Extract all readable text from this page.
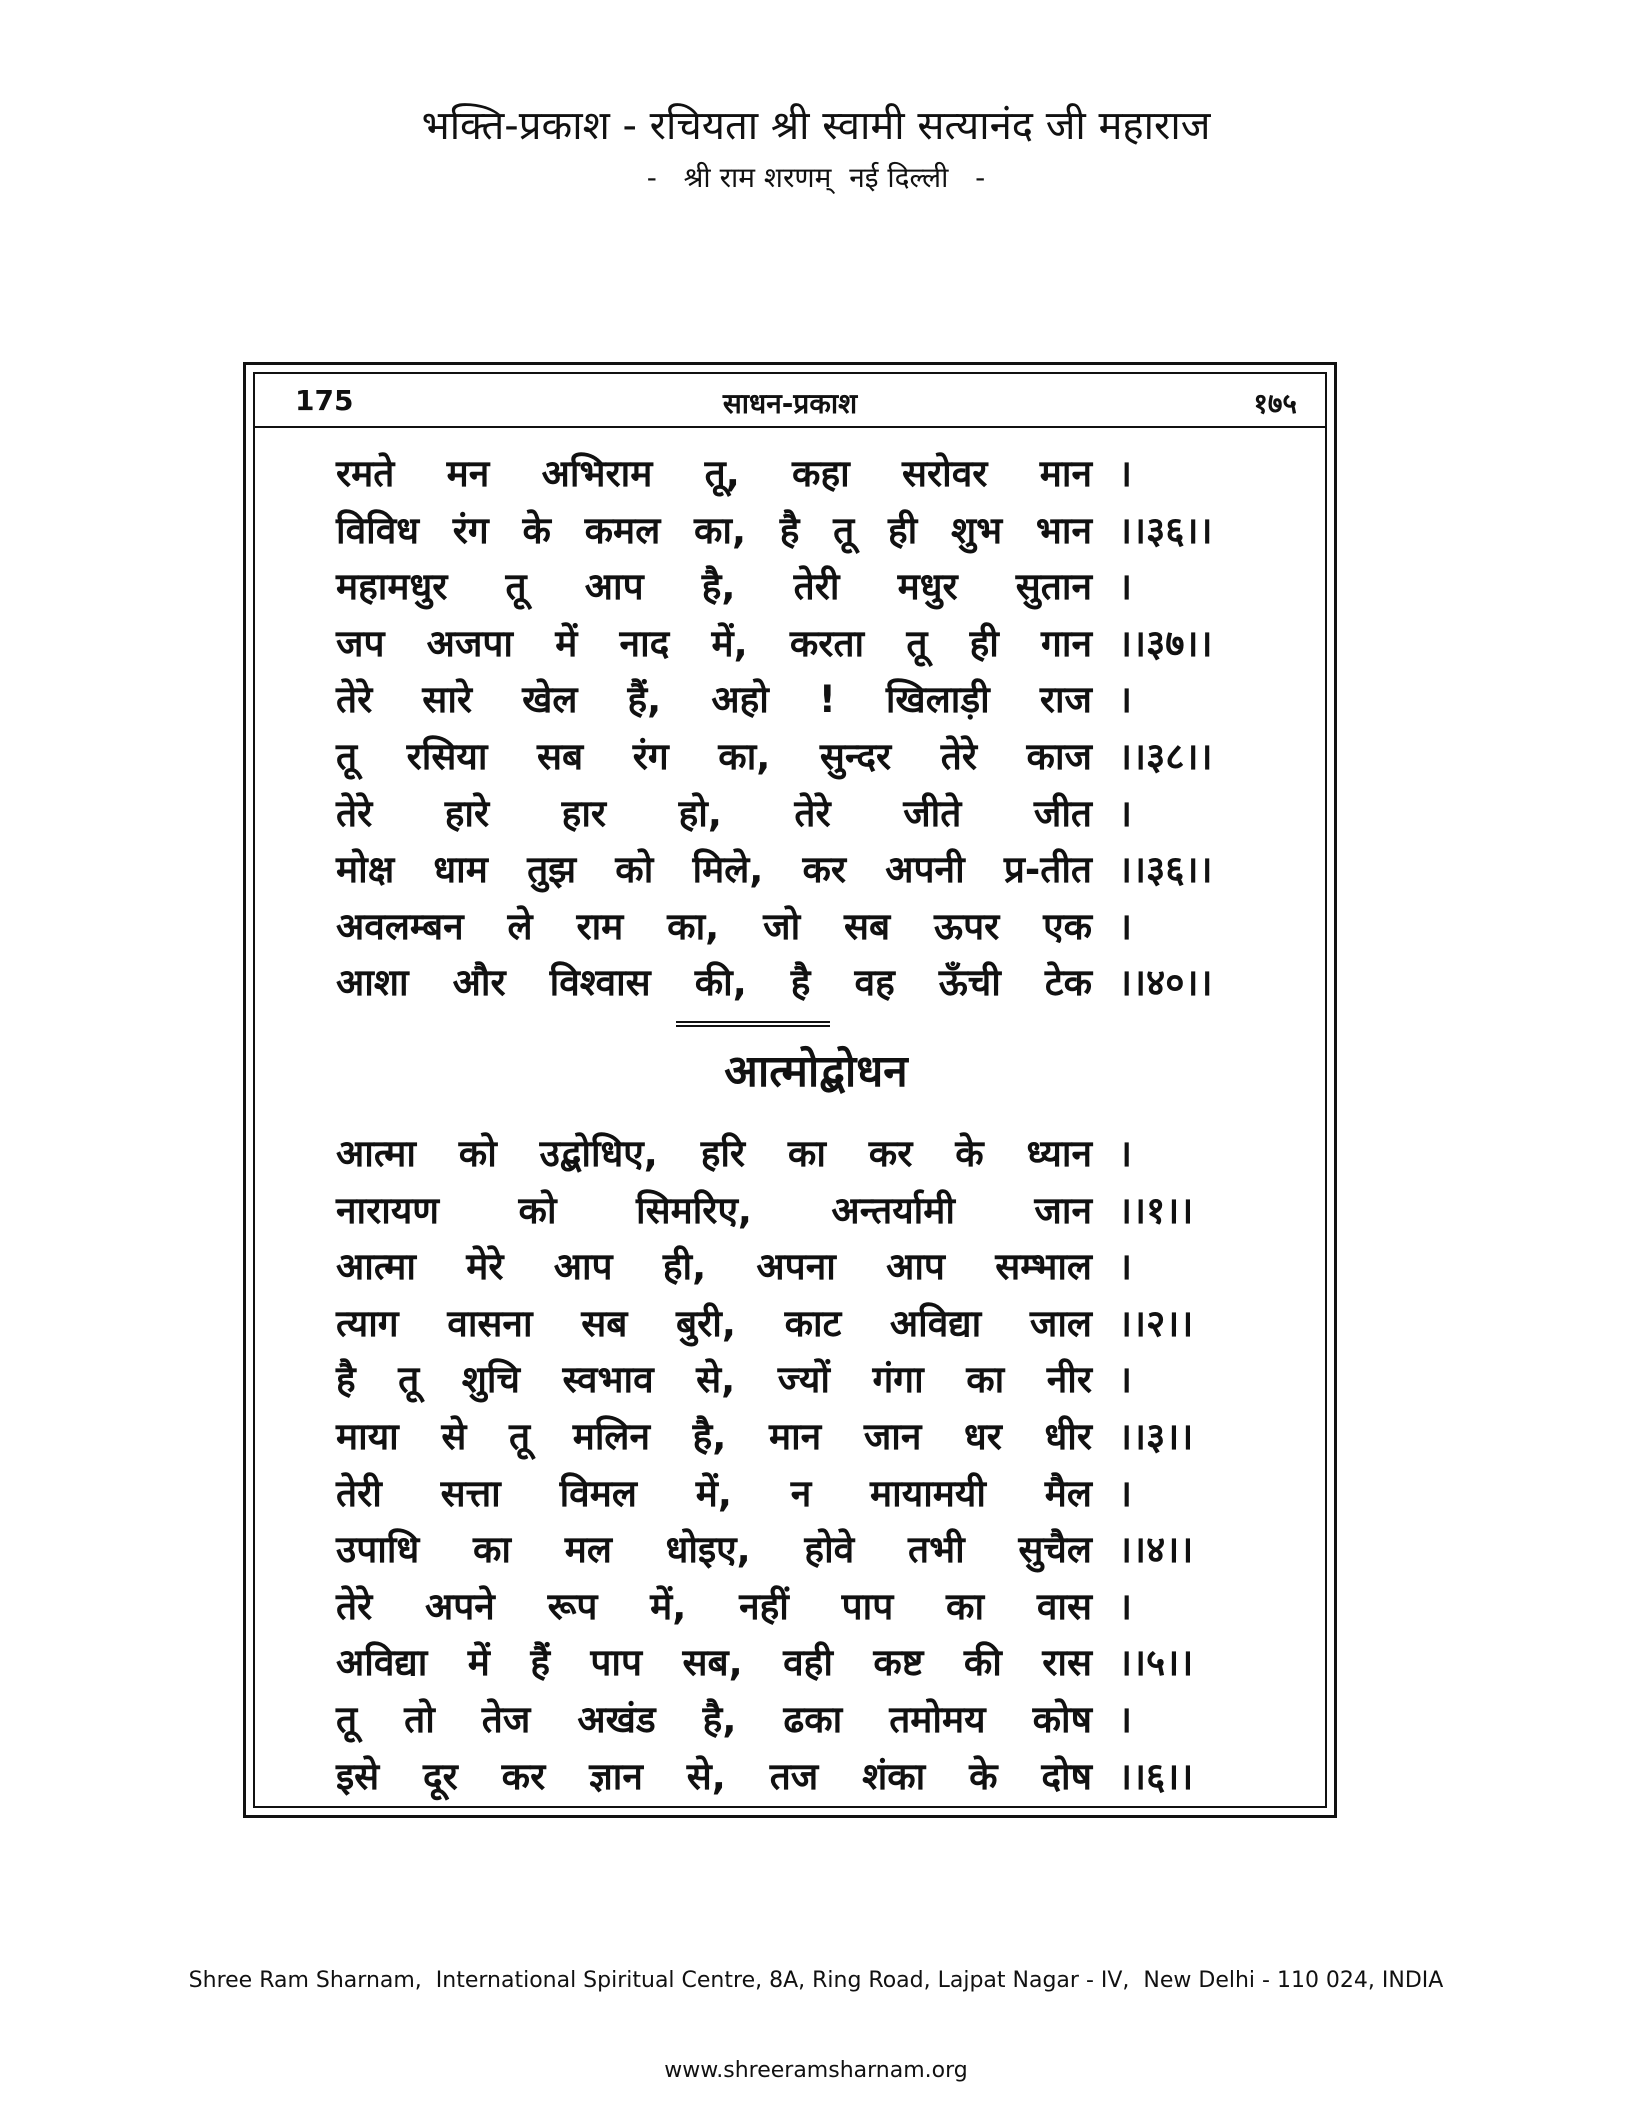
भक्ति-प्रकाश - रचियता श्री स्वामी सत्यानंद जी महाराज
-   श्री राम शरणम्  नई दिल्ली   -
175	साधन-प्रकाश	१७५
रमते मन अभिराम तू, कहा सरोवर मान ।
विविध रंग के कमल का, है तू ही शुभ भान ।।३६।।
महामधुर तू आप है, तेरी मधुर सुतान ।
जप अजपा में नाद में, करता तू ही गान ।।३७।।
तेरे सारे खेल हैं, अहो ! खिलाड़ी राज ।
तू रसिया सब रंग का, सुन्दर तेरे काज ।।३८।।
तेरे हारे हार हो, तेरे जीते जीत ।
मोक्ष धाम तुझ को मिले, कर अपनी प्र-तीत ।।३६।।
अवलम्बन ले राम का, जो सब ऊपर एक ।
आशा और विश्वास की, है वह ऊँची टेक ।।४०।।
आत्मोद्बोधन
आत्मा को उद्बोधिए, हरि का कर के ध्यान ।
नारायण को सिमरिए, अन्तर्यामी जान ।।१।।
आत्मा मेरे आप ही, अपना आप सम्भाल ।
त्याग वासना सब बुरी, काट अविद्या जाल ।।२।।
है तू शुचि स्वभाव से, ज्यों गंगा का नीर ।
माया से तू मलिन है, मान जान धर धीर ।।३।।
तेरी सत्ता विमल में, न मायामयी मैल ।
उपाधि का मल धोइए, होवे तभी सुचैल ।।४।।
तेरे अपने रूप में, नहीं पाप का वास ।
अविद्या में हैं पाप सब, वही कष्ट की रास ।।५।।
तू तो तेज अखंड है, ढका तमोमय कोष ।
इसे दूर कर ज्ञान से, तज शंका के दोष ।।६।।

Shree Ram Sharnam,  International Spiritual Centre, 8A, Ring Road, Lajpat Nagar - IV,  New Delhi - 110 024, INDIA

www.shreeramsharnam.org
